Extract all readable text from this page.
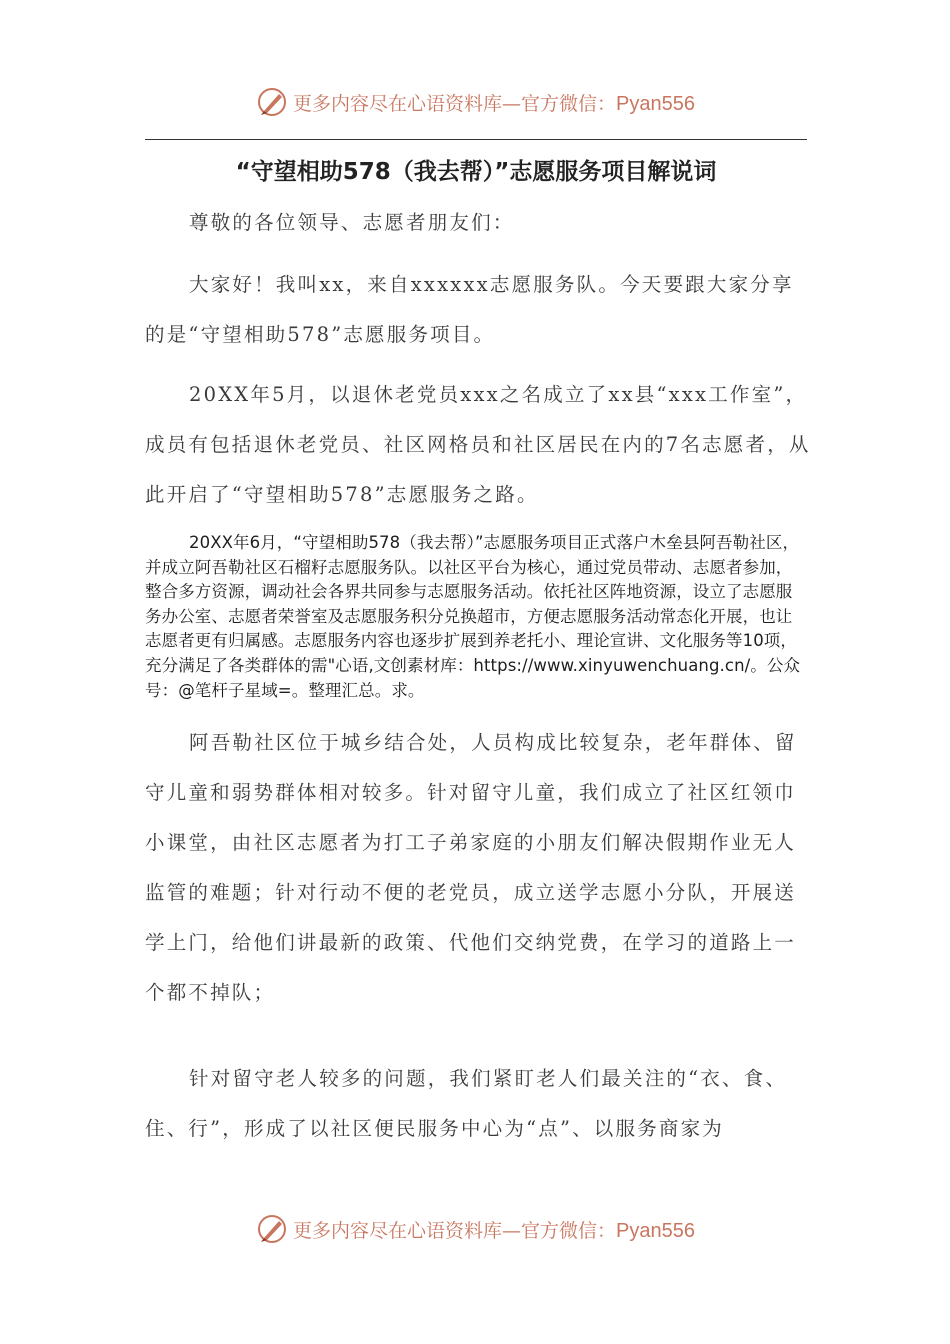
更多内容尽在心语资料库—官方微信：Pyan556
“守望相助578（我去帮）”志愿服务项目解说词

尊敬的各位领导、志愿者朋友们：

大家好！我叫xx，来自xxxxxx志愿服务队。今天要跟大家分享的是“守望相助578”志愿服务项目。

20XX年5月，以退休老党员xxx之名成立了xx县“xxx工作室”，成员有包括退休老党员、社区网格员和社区居民在内的7名志愿者，从此开启了“守望相助578”志愿服务之路。

20XX年6月，“守望相助578（我去帮）”志愿服务项目正式落户木垒县阿吾勒社区，并成立阿吾勒社区石榴籽志愿服务队。以社区平台为核心，通过党员带动、志愿者参加，整合多方资源，调动社会各界共同参与志愿服务活动。依托社区阵地资源，设立了志愿服务办公室、志愿者荣誉室及志愿服务积分兑换超市，方便志愿服务活动常态化开展，也让志愿者更有归属感。志愿服务内容也逐步扩展到养老托小、理论宣讲、文化服务等10项，充分满足了各类群体的需"心语,文创素材库：https://www.xinyuwenchuang.cn/。公众号：@笔杆子星域=。整理汇总。求。

阿吾勒社区位于城乡结合处，人员构成比较复杂，老年群体、留守儿童和弱势群体相对较多。针对留守儿童，我们成立了社区红领巾小课堂，由社区志愿者为打工子弟家庭的小朋友们解决假期作业无人监管的难题；针对行动不便的老党员，成立送学志愿小分队，开展送学上门，给他们讲最新的政策、代他们交纳党费，在学习的道路上一个都不掉队；

针对留守老人较多的问题，我们紧盯老人们最关注的“衣、食、住、行”，形成了以社区便民服务中心为“点”、以服务商家为

更多内容尽在心语资料库—官方微信：Pyan556
